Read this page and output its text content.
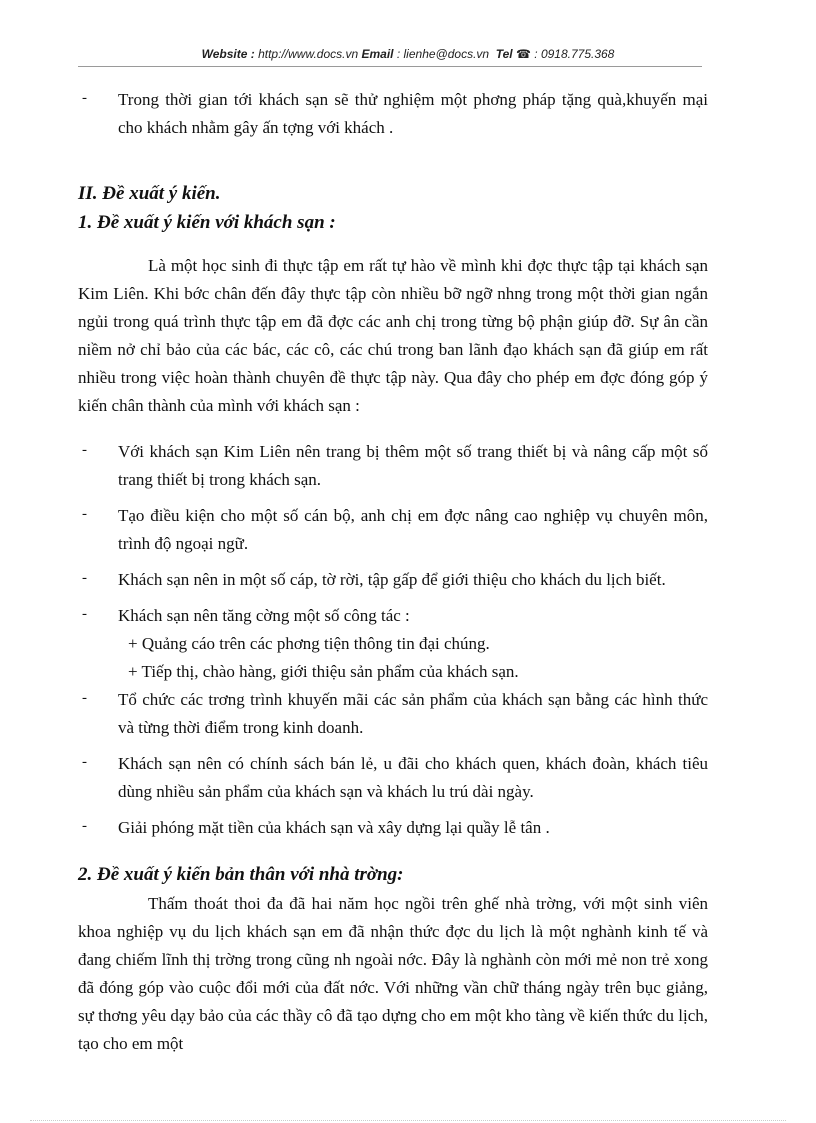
Website : http://www.docs.vn Email : lienhe@docs.vn Tel ☎ : 0918.775.368
- Trong thời gian tới khách sạn sẽ thử nghiệm một phơng pháp tặng quà,khuyến mại cho khách nhằm gây ấn tợng với khách .
II. Đề xuất ý kiến.
1. Đề xuất ý kiến với khách sạn :
Là một học sinh đi thực tập em rất tự hào về mình khi đợc thực tập tại khách sạn Kim Liên. Khi bớc chân đến đây thực tập còn nhiều bỡ ngỡ nhng trong một thời gian ngắn ngủi trong quá trình thực tập em đã đợc các anh chị trong từng bộ phận giúp đỡ. Sự ân cần niềm nở chỉ bảo của các bác, các cô, các chú trong ban lãnh đạo khách sạn đã giúp em rất nhiều trong việc hoàn thành chuyên đề thực tập này. Qua đây cho phép em đợc đóng góp ý kiến chân thành của mình với khách sạn :
- Với khách sạn Kim Liên nên trang bị thêm một số trang thiết bị và nâng cấp một số trang thiết bị trong khách sạn.
- Tạo điều kiện cho một số cán bộ, anh chị em đợc nâng cao nghiệp vụ chuyên môn, trình độ ngoại ngữ.
- Khách sạn nên in một số cáp, tờ rời, tập gấp để giới thiệu cho khách du lịch biết.
- Khách sạn nên tăng cờng một số công tác :
+ Quảng cáo trên các phơng tiện thông tin đại chúng.
+ Tiếp thị, chào hàng, giới thiệu sản phẩm của khách sạn.
- Tổ chức các trơng trình khuyến mãi các sản phẩm của khách sạn bằng các hình thức và từng thời điểm trong kinh doanh.
- Khách sạn nên có chính sách bán lẻ, u đãi cho khách quen, khách đoàn, khách tiêu dùng nhiều sản phẩm của khách sạn và khách lu trú dài ngày.
- Giải phóng mặt tiền của khách sạn và xây dựng lại quầy lễ tân .
2. Đề xuất ý kiến bản thân với nhà trờng:
Thấm thoát thoi đa đã hai năm học ngồi trên ghế nhà trờng, với một sinh viên khoa nghiệp vụ du lịch khách sạn em đã nhận thức đợc du lịch là một nghành kinh tế và đang chiếm lĩnh thị trờng trong cũng nh ngoài nớc. Đây là nghành còn mới mẻ non trẻ xong đã đóng góp vào cuộc đổi mới của đất nớc. Với những vần chữ tháng ngày trên bục giảng, sự thơng yêu dạy bảo của các thầy cô đã tạo dựng cho em một kho tàng về kiến thức du lịch, tạo cho em một
